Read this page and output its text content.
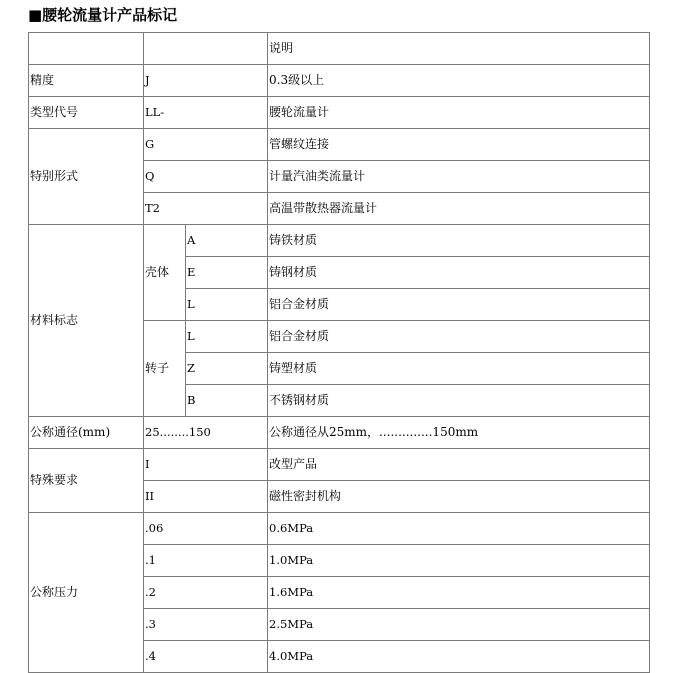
■腰轮流量计产品标记
			说明
精度	J		0.3级以上
类型代号	LL-		腰轮流量计
特别形式	G		管螺纹连接
	Q		计量汽油类流量计
	T2		高温带散热器流量计
材料标志	壳体	A	铸铁材质
		E	铸钢材质
		L	铝合金材质
	转子	L	铝合金材质
		Z	铸塑材质
		B	不锈钢材质
公称通径(mm)	25........150		公称通径从25mm，..............150mm
特殊要求	I		改型产品
	II		磁性密封机构
公称压力	.06		0.6MPa
	.1		1.0MPa
	.2		1.6MPa
	.3		2.5MPa
	.4		4.0MPa
